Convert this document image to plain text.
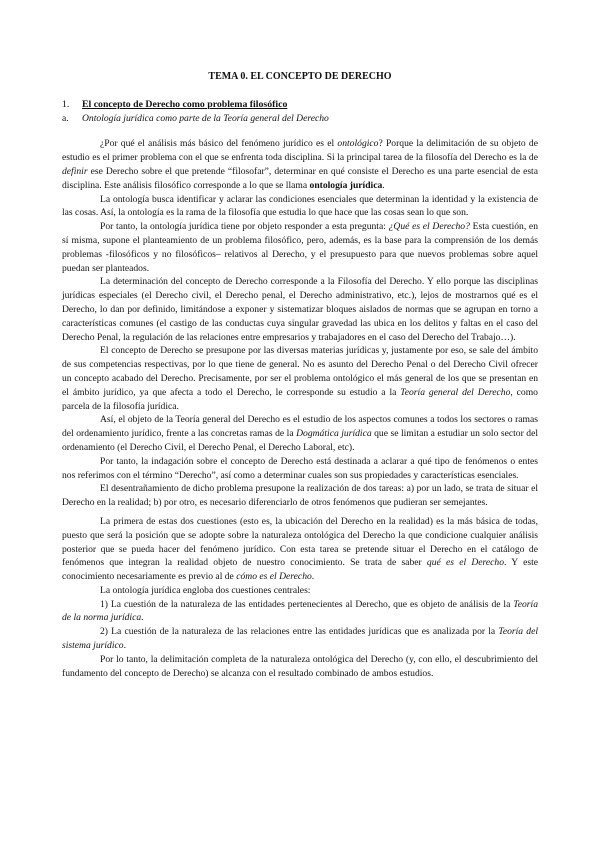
TEMA 0. EL CONCEPTO DE DERECHO
1. El concepto de Derecho como problema filosófico
a. Ontología jurídica como parte de la Teoría general del Derecho

¿Por qué el análisis más básico del fenómeno jurídico es el ontológico? Porque la delimitación de su objeto de estudio es el primer problema con el que se enfrenta toda disciplina. Si la principal tarea de la filosofía del Derecho es la de definir ese Derecho sobre el que pretende “filosofar”, determinar en qué consiste el Derecho es una parte esencial de esta disciplina. Este análisis filosófico corresponde a lo que se llama ontología jurídica.

La ontología busca identificar y aclarar las condiciones esenciales que determinan la identidad y la existencia de las cosas. Así, la ontología es la rama de la filosofía que estudia lo que hace que las cosas sean lo que son.

Por tanto, la ontología jurídica tiene por objeto responder a esta pregunta: ¿Qué es el Derecho? Esta cuestión, en sí misma, supone el planteamiento de un problema filosófico, pero, además, es la base para la comprensión de los demás problemas -filosóficos y no filosóficos– relativos al Derecho, y el presupuesto para que nuevos problemas sobre aquel puedan ser planteados.

La determinación del concepto de Derecho corresponde a la Filosofía del Derecho. Y ello porque las disciplinas jurídicas especiales (el Derecho civil, el Derecho penal, el Derecho administrativo, etc.), lejos de mostrarnos qué es el Derecho, lo dan por definido, limitándose a exponer y sistematizar bloques aislados de normas que se agrupan en torno a características comunes (el castigo de las conductas cuya singular gravedad las ubica en los delitos y faltas en el caso del Derecho Penal, la regulación de las relaciones entre empresarios y trabajadores en el caso del Derecho del Trabajo…).

El concepto de Derecho se presupone por las diversas materias jurídicas y, justamente por eso, se sale del ámbito de sus competencias respectivas, por lo que tiene de general. No es asunto del Derecho Penal o del Derecho Civil ofrecer un concepto acabado del Derecho. Precisamente, por ser el problema ontológico el más general de los que se presentan en el ámbito jurídico, ya que afecta a todo el Derecho, le corresponde su estudio a la Teoría general del Derecho, como parcela de la filosofía jurídica.

Así, el objeto de la Teoría general del Derecho es el estudio de los aspectos comunes a todos los sectores o ramas del ordenamiento jurídico, frente a las concretas ramas de la Dogmática jurídica que se limitan a estudiar un solo sector del ordenamiento (el Derecho Civil, el Derecho Penal, el Derecho Laboral, etc).

Por tanto, la indagación sobre el concepto de Derecho está destinada a aclarar a qué tipo de fenómenos o entes nos referimos con el término “Derecho”, así como a determinar cuales son sus propiedades y características esenciales.

El desentrañamiento de dicho problema presupone la realización de dos tareas: a) por un lado, se trata de situar el Derecho en la realidad; b) por otro, es necesario diferenciarlo de otros fenómenos que pudieran ser semejantes.

La primera de estas dos cuestiones (esto es, la ubicación del Derecho en la realidad) es la más básica de todas, puesto que será la posición que se adopte sobre la naturaleza ontológica del Derecho la que condicione cualquier análisis posterior que se pueda hacer del fenómeno jurídico. Con esta tarea se pretende situar el Derecho en el catálogo de fenómenos que integran la realidad objeto de nuestro conocimiento. Se trata de saber qué es el Derecho. Y este conocimiento necesariamente es previo al de cómo es el Derecho.

La ontología jurídica engloba dos cuestiones centrales:

1) La cuestión de la naturaleza de las entidades pertenecientes al Derecho, que es objeto de análisis de la Teoría de la norma jurídica.

2) La cuestión de la naturaleza de las relaciones entre las entidades jurídicas que es analizada por la Teoría del sistema jurídico.

Por lo tanto, la delimitación completa de la naturaleza ontológica del Derecho (y, con ello, el descubrimiento del fundamento del concepto de Derecho) se alcanza con el resultado combinado de ambos estudios.
